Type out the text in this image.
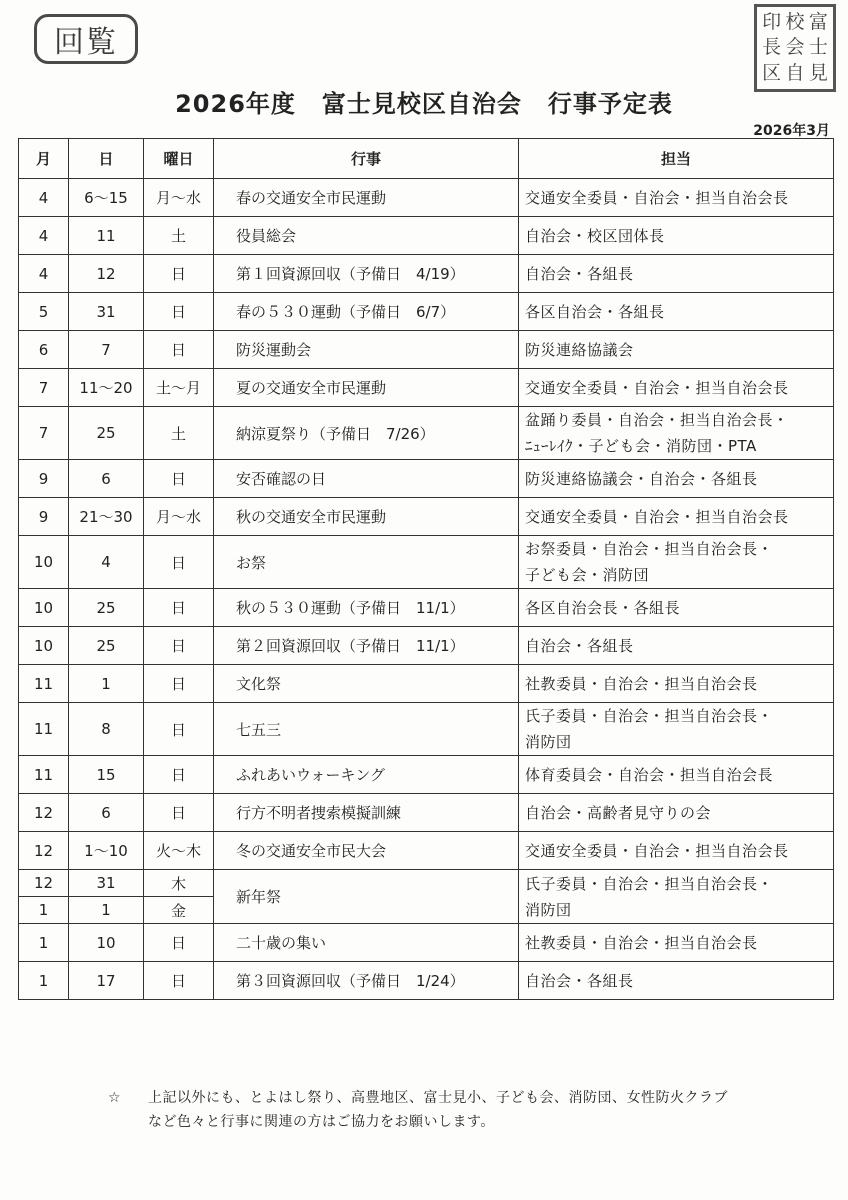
回覧
印 校 富
長 会 士
区 自 見
2026年度 富士見校区自治会 行事予定表
2026年3月
月	日	曜日	行事	担当
4	6～15	月～水	春の交通安全市民運動	交通安全委員・自治会・担当自治会長

4	11	土	役員総会	自治会・校区団体長

4	12	日	第１回資源回収（予備日　4/19）	自治会・各組長

5	31	日	春の５３０運動（予備日　6/7）	各区自治会・各組長

6	7	日	防災運動会	防災連絡協議会

7	11～20	土～月	夏の交通安全市民運動	交通安全委員・自治会・担当自治会長

7	25	土	納涼夏祭り（予備日　7/26）	盆踊り委員・自治会・担当自治会長・
ﾆｭｰﾚｲｸ・子ども会・消防団・PTA

9	6	日	安否確認の日	防災連絡協議会・自治会・各組長

9	21～30	月～水	秋の交通安全市民運動	交通安全委員・自治会・担当自治会長

10	4	日	お祭	お祭委員・自治会・担当自治会長・
子ども会・消防団

10	25	日	秋の５３０運動（予備日　11/1）	各区自治会長・各組長

10	25	日	第２回資源回収（予備日　11/1）	自治会・各組長

11	1	日	文化祭	社教委員・自治会・担当自治会長

11	8	日	七五三	氏子委員・自治会・担当自治会長・
消防団

11	15	日	ふれあいウォーキング	体育委員会・自治会・担当自治会長

12	6	日	行方不明者捜索模擬訓練	自治会・高齢者見守りの会

12	1～10	火～木	冬の交通安全市民大会	交通安全委員・自治会・担当自治会長

12	31	木	新年祭	氏子委員・自治会・担当自治会長・
消防団

1	1	金		
1	10	日	二十歳の集い	社教委員・自治会・担当自治会長

1	17	日	第３回資源回収（予備日　1/24）	自治会・各組長
☆ 上記以外にも、とよはし祭り、高豊地区、富士見小、子ども会、消防団、女性防火クラブ
など色々と行事に関連の方はご協力をお願いします。
